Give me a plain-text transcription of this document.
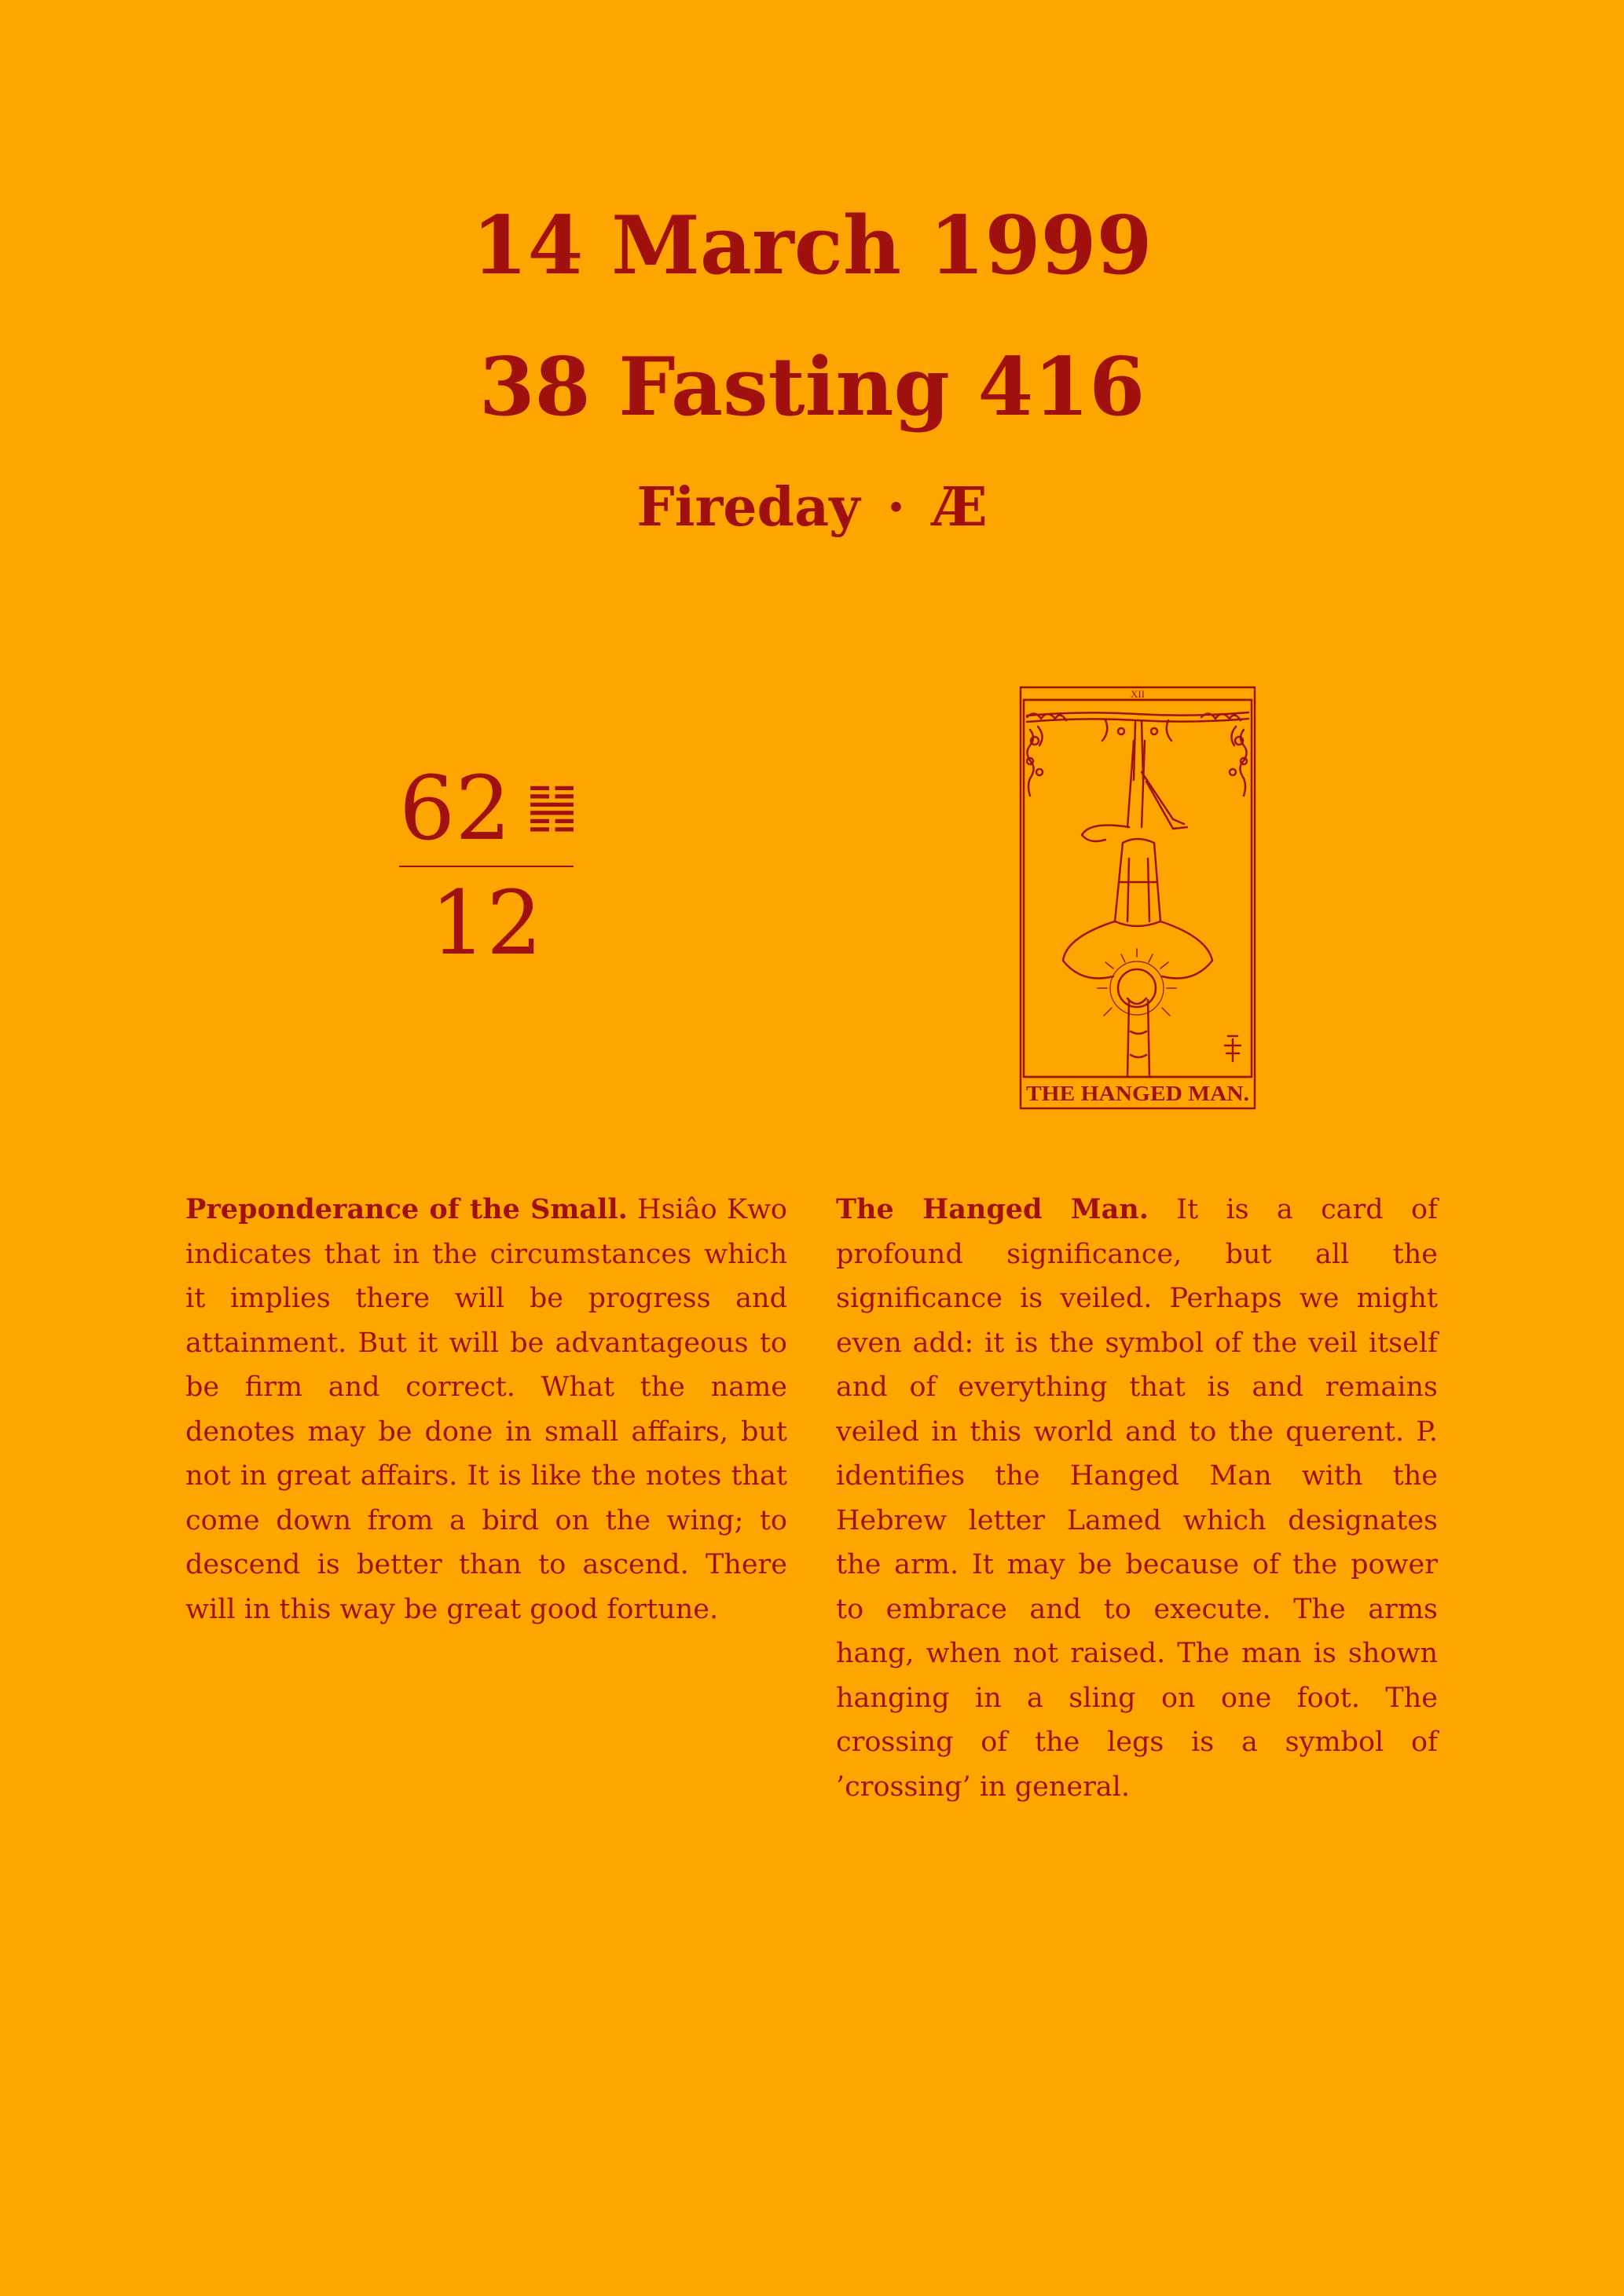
14 March 1999
38 Fasting 416
Fireday · Æ
62
12
XII
THE HANGED MAN.
Preponderance of the Small. Hsiâo Kwo indicates that in the circumstances which it implies there will be progress and attainment. But it will be advantageous to be firm and correct. What the name denotes may be done in small affairs, but not in great affairs. It is like the notes that come down from a bird on the wing; to descend is better than to ascend. There will in this way be great good fortune.
The Hanged Man. It is a card of profound significance, but all the significance is veiled. Perhaps we might even add: it is the symbol of the veil itself and of everything that is and remains veiled in this world and to the querent. P. identifies the Hanged Man with the Hebrew letter Lamed which designates the arm. It may be because of the power to embrace and to execute. The arms hang, when not raised. The man is shown hanging in a sling on one foot. The crossing of the legs is a symbol of ’crossing’ in general.
